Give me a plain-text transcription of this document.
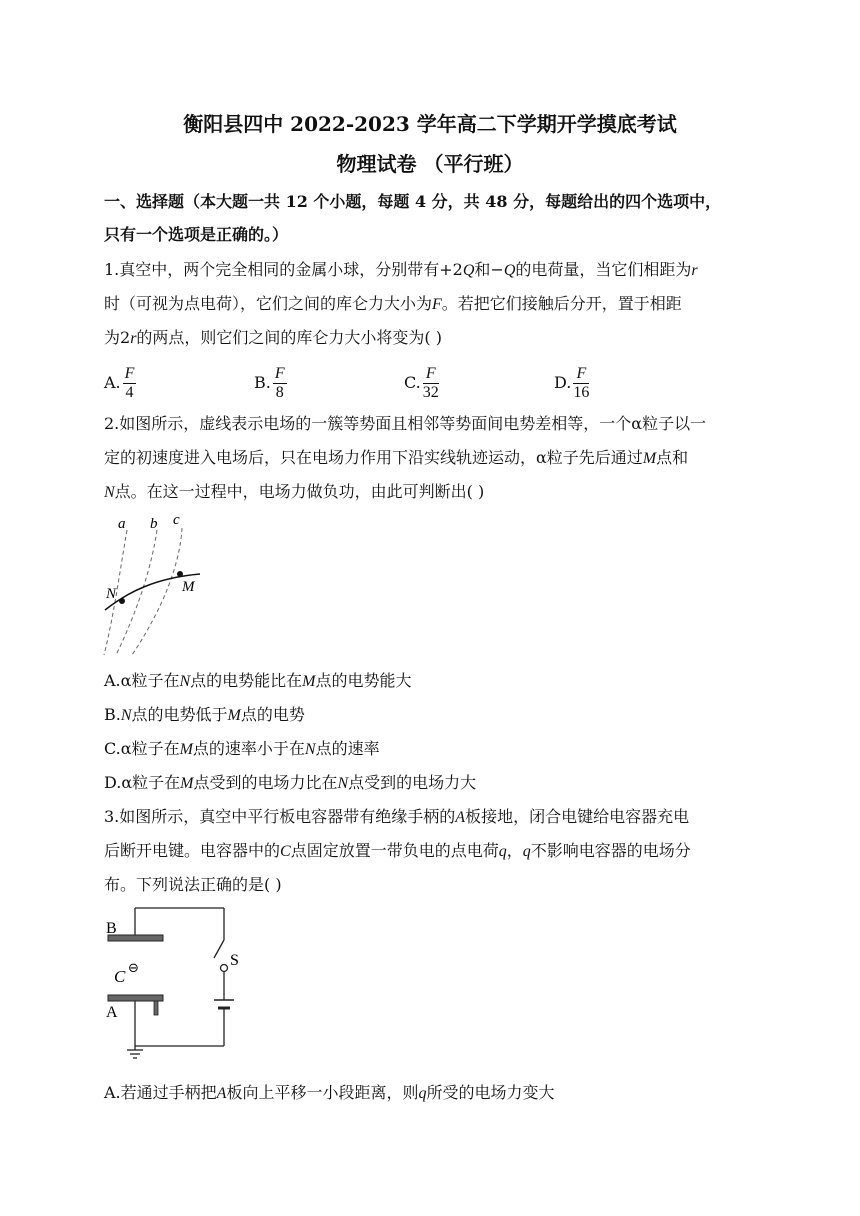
衡阳县四中 2022-2023 学年高二下学期开学摸底考试
物理试卷 （平行班）
一、选择题（本大题一共 12 个小题，每题 4 分，共 48 分，每题给出的四个选项中，
只有一个选项是正确的。）
1.真空中，两个完全相同的金属小球，分别带有+2Q和−Q的电荷量，当它们相距为r
时（可视为点电荷），它们之间的库仑力大小为F。若把它们接触后分开，置于相距
为2r的两点，则它们之间的库仑力大小将变为( )
A. $\frac{F}{4}$	B. $\frac{F}{8}$	C. $\frac{F}{32}$	D. $\frac{F}{16}$
2.如图所示，虚线表示电场的一簇等势面且相邻等势面间电势差相等，一个α粒子以一
定的初速度进入电场后，只在电场力作用下沿实线轨迹运动，α粒子先后通过M点和
N点。在这一过程中，电场力做负功，由此可判断出( )
a b c
N	M
A.α粒子在N点的电势能比在M点的电势能大
B.N点的电势低于M点的电势
C.α粒子在M点的速率小于在N点的速率
D.α粒子在M点受到的电场力比在N点受到的电场力大
3.如图所示，真空中平行板电容器带有绝缘手柄的A板接地，闭合电键给电容器充电
后断开电键。电容器中的C点固定放置一带负电的点电荷q，q不影响电容器的电场分
布。下列说法正确的是( )
B
C ⊖	S
A
A.若通过手柄把A板向上平移一小段距离，则q所受的电场力变大
